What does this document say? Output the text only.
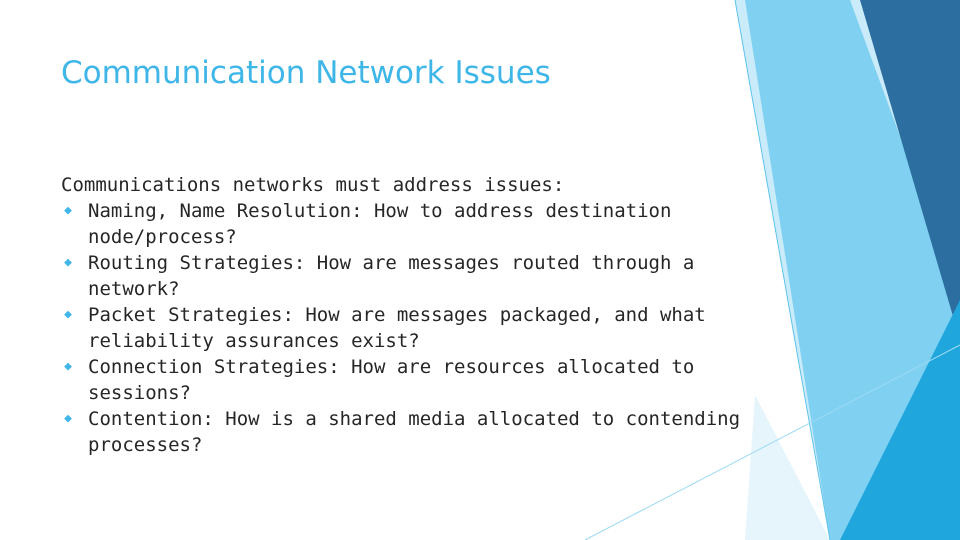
Communication Network Issues
Communications networks must address issues:
◆ Naming, Name Resolution: How to address destination node/process?
◆ Routing Strategies: How are messages routed through a network?
◆ Packet Strategies: How are messages packaged, and what reliability assurances exist?
◆ Connection Strategies: How are resources allocated to sessions?
◆ Contention: How is a shared media allocated to contending processes?
